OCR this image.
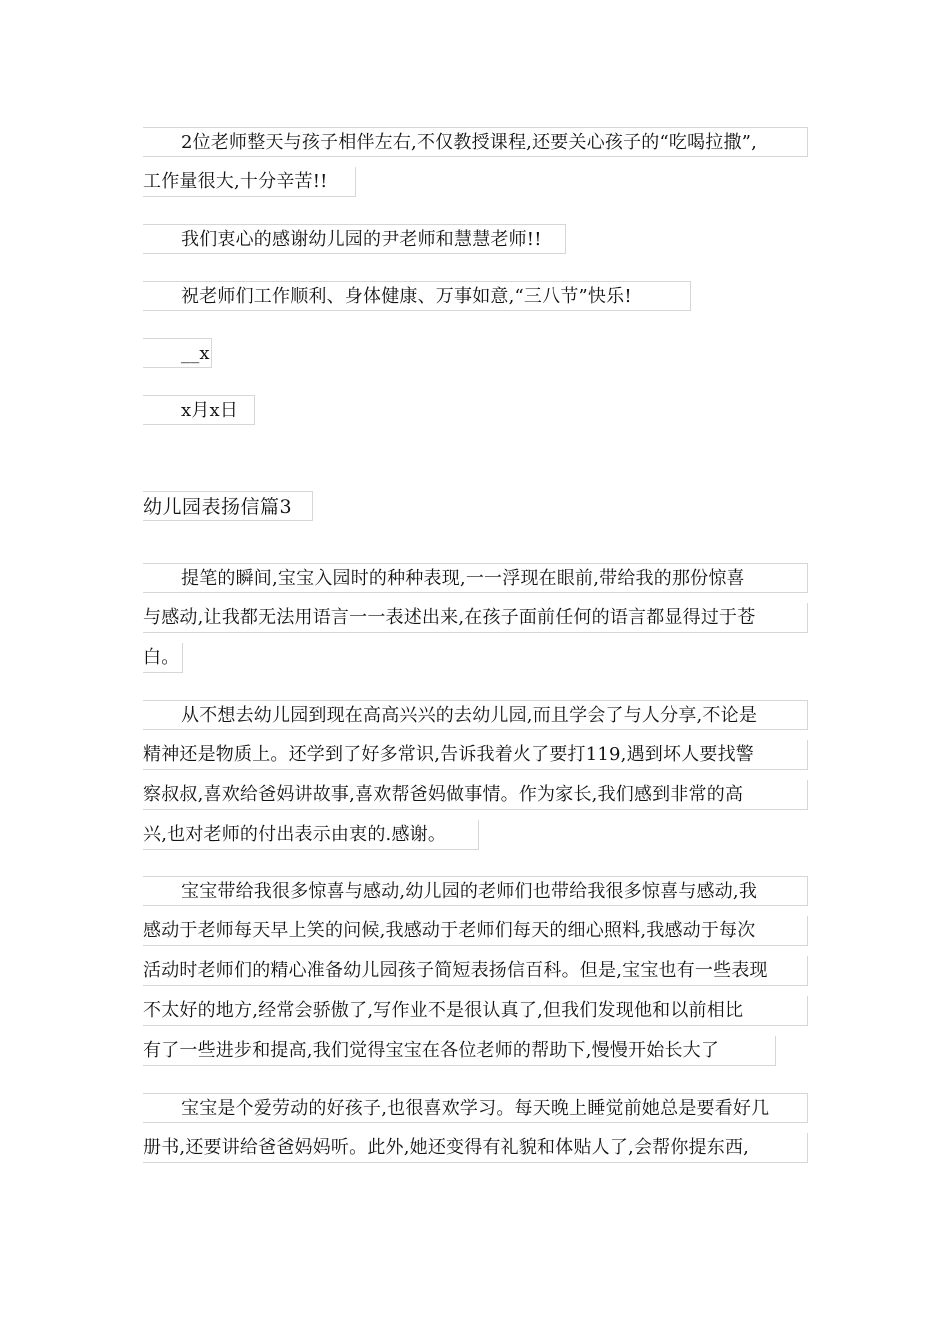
2位老师整天与孩子相伴左右,不仅教授课程,还要关心孩子的“吃喝拉撒”,
工作量很大,十分辛苦!!
我们衷心的感谢幼儿园的尹老师和慧慧老师!!
祝老师们工作顺利、身体健康、万事如意,“三八节”快乐!
__x
x月x日
幼儿园表扬信篇3
提笔的瞬间,宝宝入园时的种种表现,一一浮现在眼前,带给我的那份惊喜
与感动,让我都无法用语言一一表述出来,在孩子面前任何的语言都显得过于苍
白。
从不想去幼儿园到现在高高兴兴的去幼儿园,而且学会了与人分享,不论是
精神还是物质上。还学到了好多常识,告诉我着火了要打119,遇到坏人要找警
察叔叔,喜欢给爸妈讲故事,喜欢帮爸妈做事情。作为家长,我们感到非常的高
兴,也对老师的付出表示由衷的.感谢。
宝宝带给我很多惊喜与感动,幼儿园的老师们也带给我很多惊喜与感动,我
感动于老师每天早上笑的问候,我感动于老师们每天的细心照料,我感动于每次
活动时老师们的精心准备幼儿园孩子简短表扬信百科。但是,宝宝也有一些表现
不太好的地方,经常会骄傲了,写作业不是很认真了,但我们发现他和以前相比
有了一些进步和提高,我们觉得宝宝在各位老师的帮助下,慢慢开始长大了
宝宝是个爱劳动的好孩子,也很喜欢学习。每天晚上睡觉前她总是要看好几
册书,还要讲给爸爸妈妈听。此外,她还变得有礼貌和体贴人了,会帮你提东西,
